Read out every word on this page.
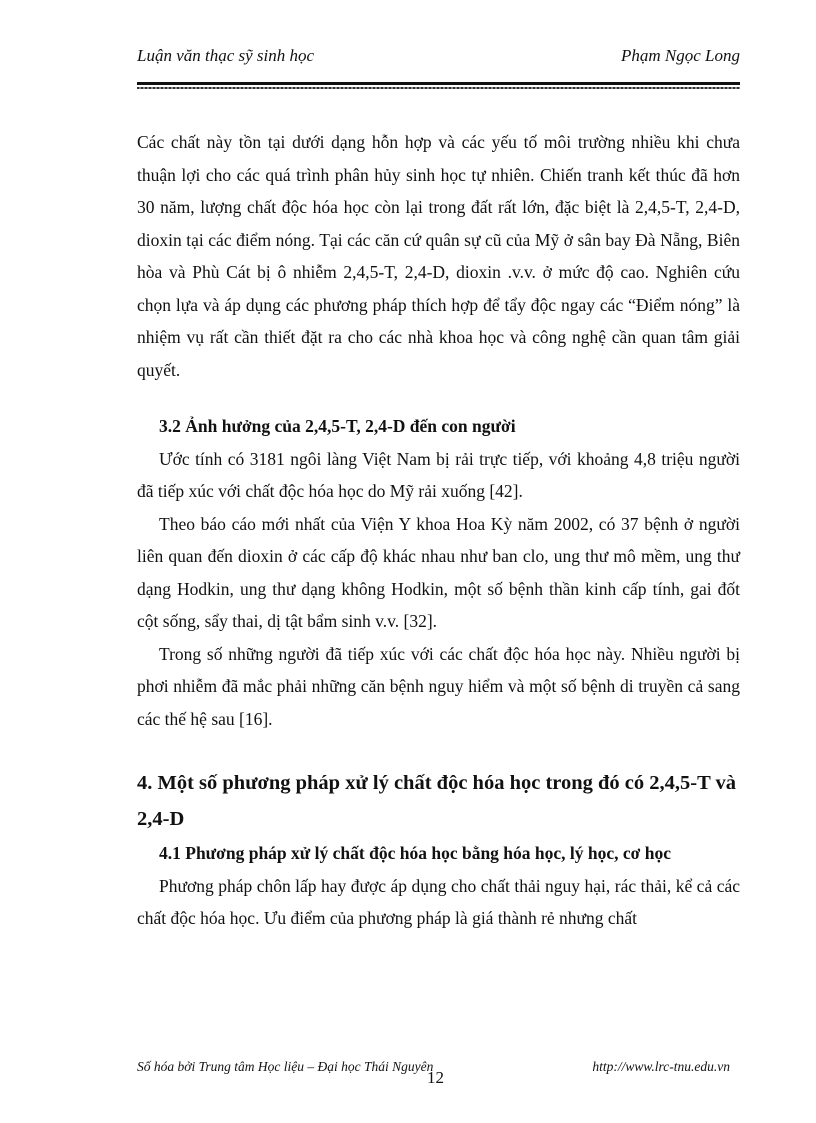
Luận văn thạc sỹ sinh học	Phạm Ngọc Long

Các chất này tồn tại dưới dạng hỗn hợp và các yếu tố môi trường nhiều khi chưa thuận lợi cho các quá trình phân hủy sinh học tự nhiên. Chiến tranh kết thúc đã hơn 30 năm, lượng chất độc hóa học còn lại trong đất rất lớn, đặc biệt là 2,4,5-T, 2,4-D, dioxin tại các điểm nóng. Tại các căn cứ quân sự cũ của Mỹ ở sân bay Đà Nẵng, Biên hòa và Phù Cát bị ô nhiễm 2,4,5-T, 2,4-D, dioxin .v.v. ở mức độ cao. Nghiên cứu chọn lựa và áp dụng các phương pháp thích hợp để tẩy độc ngay các “Điểm nóng” là nhiệm vụ rất cần thiết đặt ra cho các nhà khoa học và công nghệ cần quan tâm giải quyết.

3.2 Ảnh hưởng của 2,4,5-T, 2,4-D đến con người

Ước tính có 3181 ngôi làng Việt Nam bị rải trực tiếp, với khoảng 4,8 triệu người đã tiếp xúc với chất độc hóa học do Mỹ rải xuống [42].

Theo báo cáo mới nhất của Viện Y khoa Hoa Kỳ năm 2002, có 37 bệnh ở người liên quan đến dioxin ở các cấp độ khác nhau như ban clo, ung thư mô mềm, ung thư dạng Hodkin, ung thư dạng không Hodkin, một số bệnh thần kinh cấp tính, gai đốt cột sống, sẩy thai, dị tật bẩm sinh v.v. [32].

Trong số những người đã tiếp xúc với các chất độc hóa học này. Nhiều người bị phơi nhiễm đã mắc phải những căn bệnh nguy hiểm và một số bệnh di truyền cả sang các thế hệ sau [16].

4. Một số phương pháp xử lý chất độc hóa học trong đó có 2,4,5-T và 2,4-D
4.1 Phương pháp xử lý chất độc hóa học bằng hóa học, lý học, cơ học

Phương pháp chôn lấp hay được áp dụng cho chất thải nguy hại, rác thải, kể cả các chất độc hóa học. Ưu điểm của phương pháp là giá thành rẻ nhưng chất

Số hóa bởi Trung tâm Học liệu – Đại học Thái Nguyên	http://www.lrc-tnu.edu.vn
12
